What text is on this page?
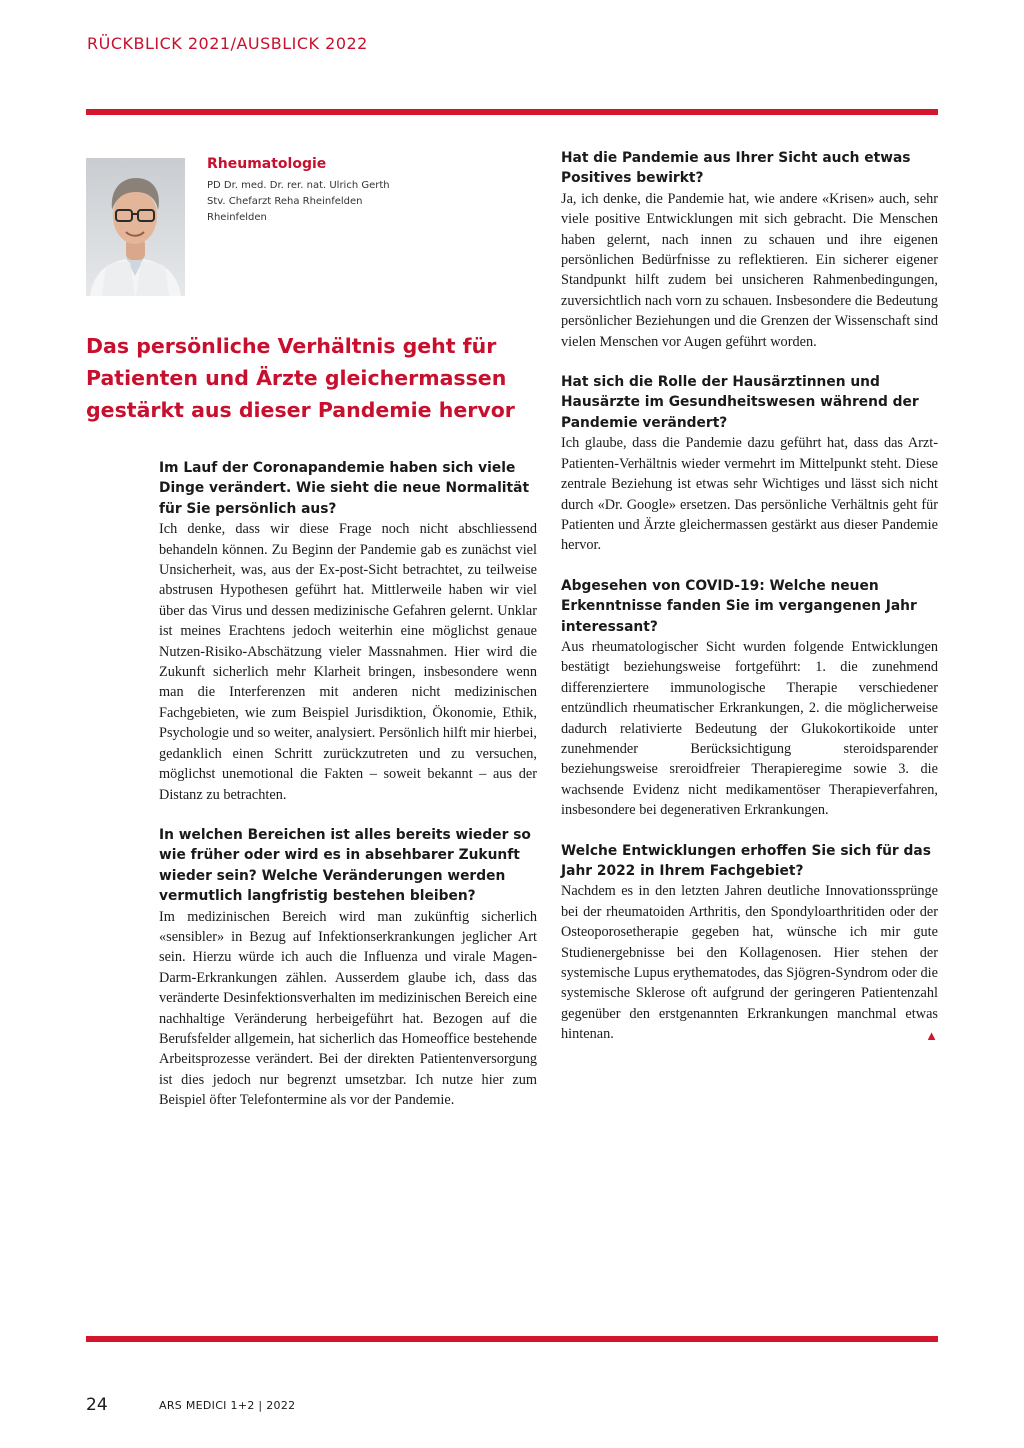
RÜCKBLICK 2021/AUSBLICK 2022
Rheumatologie
PD Dr. med. Dr. rer. nat. Ulrich Gerth
Stv. Chefarzt Reha Rheinfelden
Rheinfelden
Das persönliche Verhältnis geht für Patienten und Ärzte gleichermassen gestärkt aus dieser Pandemie hervor

Im Lauf der Coronapandemie haben sich viele Dinge verändert. Wie sieht die neue Normalität für Sie persönlich aus?

Ich denke, dass wir diese Frage noch nicht abschliessend behandeln können. Zu Beginn der Pandemie gab es zunächst viel Unsicherheit, was, aus der Ex-post-Sicht betrachtet, zu teilweise abstrusen Hypothesen geführt hat. Mittlerweile haben wir viel über das Virus und dessen medizinische Gefahren gelernt. Unklar ist meines Erachtens jedoch weiterhin eine möglichst genaue Nutzen-Risiko-Abschätzung vieler Massnahmen. Hier wird die Zukunft sicherlich mehr Klarheit bringen, insbesondere wenn man die Interferenzen mit anderen nicht medizinischen Fachgebieten, wie zum Beispiel Jurisdiktion, Ökonomie, Ethik, Psychologie und so weiter, analysiert. Persönlich hilft mir hierbei, gedanklich einen Schritt zurückzutreten und zu versuchen, möglichst unemotional die Fakten – soweit bekannt – aus der Distanz zu betrachten.

In welchen Bereichen ist alles bereits wieder so wie früher oder wird es in absehbarer Zukunft wieder sein? Welche Veränderungen werden vermutlich langfristig bestehen bleiben?

Im medizinischen Bereich wird man zukünftig sicherlich «sensibler» in Bezug auf Infektionserkrankungen jeglicher Art sein. Hierzu würde ich auch die Influenza und virale Magen-Darm-Erkrankungen zählen. Ausserdem glaube ich, dass das veränderte Desinfektionsverhalten im medizinischen Bereich eine nachhaltige Veränderung herbeigeführt hat. Bezogen auf die Berufsfelder allgemein, hat sicherlich das Homeoffice bestehende Arbeitsprozesse verändert. Bei der direkten Patientenversorgung ist dies jedoch nur begrenzt umsetzbar. Ich nutze hier zum Beispiel öfter Telefontermine als vor der Pandemie.

Hat die Pandemie aus Ihrer Sicht auch etwas Positives bewirkt?

Ja, ich denke, die Pandemie hat, wie andere «Krisen» auch, sehr viele positive Entwicklungen mit sich gebracht. Die Menschen haben gelernt, nach innen zu schauen und ihre eigenen persönlichen Bedürfnisse zu reflektieren. Ein sicherer eigener Standpunkt hilft zudem bei unsicheren Rahmenbedingungen, zuversichtlich nach vorn zu schauen. Insbesondere die Bedeutung persönlicher Beziehungen und die Grenzen der Wissenschaft sind vielen Menschen vor Augen geführt worden.

Hat sich die Rolle der Hausärztinnen und Hausärzte im Gesundheitswesen während der Pandemie verändert?

Ich glaube, dass die Pandemie dazu geführt hat, dass das Arzt-Patienten-Verhältnis wieder vermehrt im Mittelpunkt steht. Diese zentrale Beziehung ist etwas sehr Wichtiges und lässt sich nicht durch «Dr. Google» ersetzen. Das persönliche Verhältnis geht für Patienten und Ärzte gleichermassen gestärkt aus dieser Pandemie hervor.

Abgesehen von COVID-19: Welche neuen Erkenntnisse fanden Sie im vergangenen Jahr interessant?

Aus rheumatologischer Sicht wurden folgende Entwicklungen bestätigt beziehungsweise fortgeführt: 1. die zunehmend differenziertere immunologische Therapie verschiedener entzündlich rheumatischer Erkrankungen, 2. die möglicherweise dadurch relativierte Bedeutung der Glukokortikoide unter zunehmender Berücksichtigung steroidsparender beziehungsweise sreroidfreier Therapieregime sowie 3. die wachsende Evidenz nicht medikamentöser Therapieverfahren, insbesondere bei degenerativen Erkrankungen.

Welche Entwicklungen erhoffen Sie sich für das Jahr 2022 in Ihrem Fachgebiet?

Nachdem es in den letzten Jahren deutliche Innovationssprünge bei der rheumatoiden Arthritis, den Spondyloarthritiden oder der Osteoporosetherapie gegeben hat, wünsche ich mir gute Studienergebnisse bei den Kollagenosen. Hier stehen der systemische Lupus erythematodes, das Sjögren-Syndrom oder die systemische Sklerose oft aufgrund der geringeren Patientenzahl gegenüber den erstgenannten Erkrankungen manchmal etwas hintenan.	▲

24	ARS MEDICI 1+2 | 2022
